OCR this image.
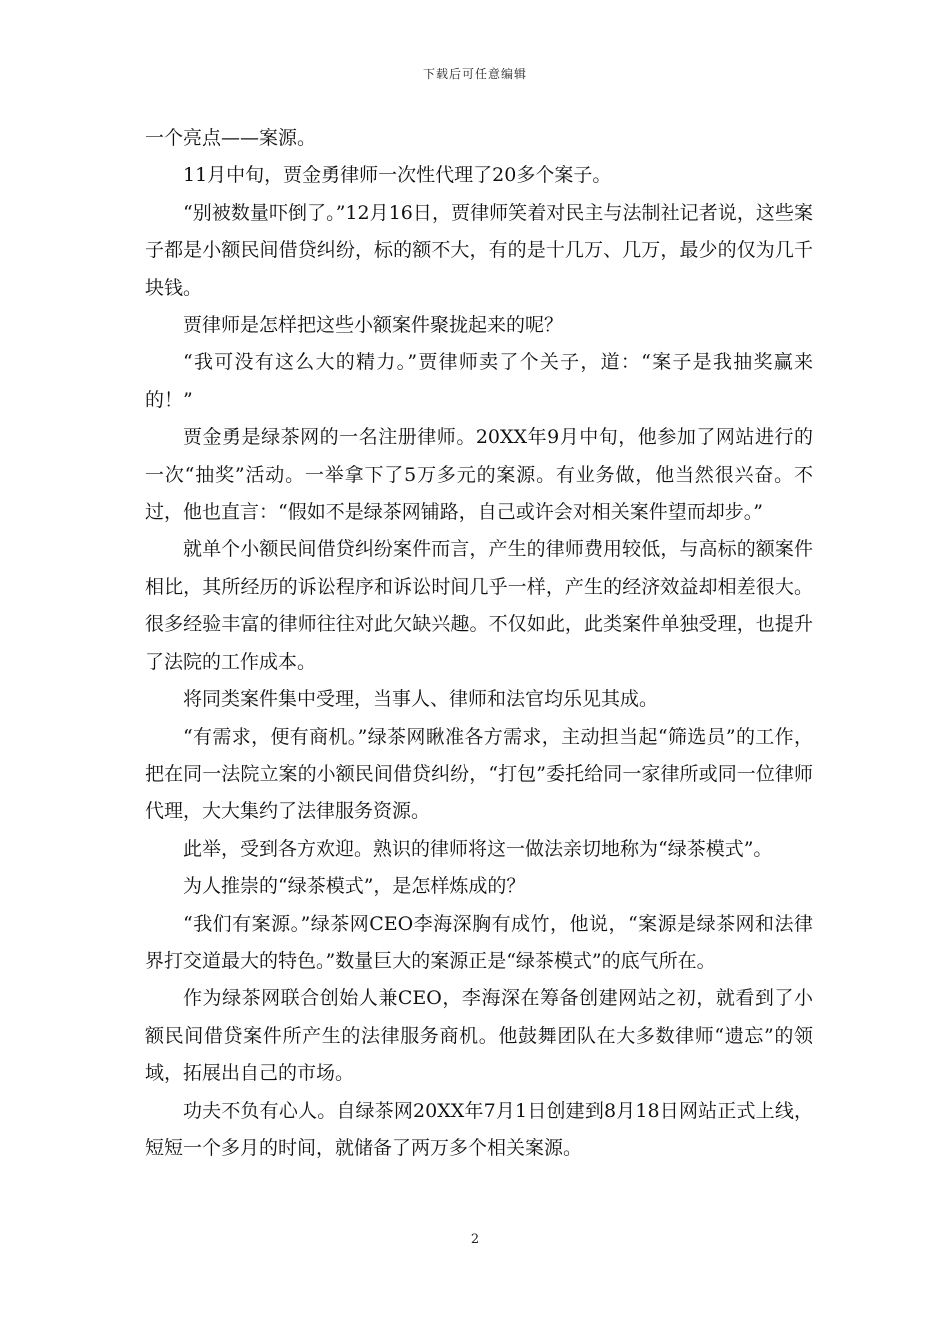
下载后可任意编辑

一个亮点——案源。

11月中旬，贾金勇律师一次性代理了20多个案子。

“别被数量吓倒了。”12月16日，贾律师笑着对民主与法制社记者说，这些案子都是小额民间借贷纠纷，标的额不大，有的是十几万、几万，最少的仅为几千块钱。

贾律师是怎样把这些小额案件聚拢起来的呢？

“我可没有这么大的精力。”贾律师卖了个关子，道：“案子是我抽奖赢来的！”

贾金勇是绿茶网的一名注册律师。20XX年9月中旬，他参加了网站进行的一次“抽奖”活动。一举拿下了5万多元的案源。有业务做，他当然很兴奋。不过，他也直言：“假如不是绿茶网铺路，自己或许会对相关案件望而却步。”

就单个小额民间借贷纠纷案件而言，产生的律师费用较低，与高标的额案件相比，其所经历的诉讼程序和诉讼时间几乎一样，产生的经济效益却相差很大。很多经验丰富的律师往往对此欠缺兴趣。不仅如此，此类案件单独受理，也提升了法院的工作成本。

将同类案件集中受理，当事人、律师和法官均乐见其成。

“有需求，便有商机。”绿茶网瞅准各方需求，主动担当起“筛选员”的工作，把在同一法院立案的小额民间借贷纠纷，“打包”委托给同一家律所或同一位律师代理，大大集约了法律服务资源。

此举，受到各方欢迎。熟识的律师将这一做法亲切地称为“绿茶模式”。

为人推崇的“绿茶模式”，是怎样炼成的？

“我们有案源。”绿茶网CEO李海深胸有成竹，他说，“案源是绿茶网和法律界打交道最大的特色。”数量巨大的案源正是“绿茶模式”的底气所在。

作为绿茶网联合创始人兼CEO，李海深在筹备创建网站之初，就看到了小额民间借贷案件所产生的法律服务商机。他鼓舞团队在大多数律师“遗忘”的领域，拓展出自己的市场。

功夫不负有心人。自绿茶网20XX年7月1日创建到8月18日网站正式上线，短短一个多月的时间，就储备了两万多个相关案源。

2
